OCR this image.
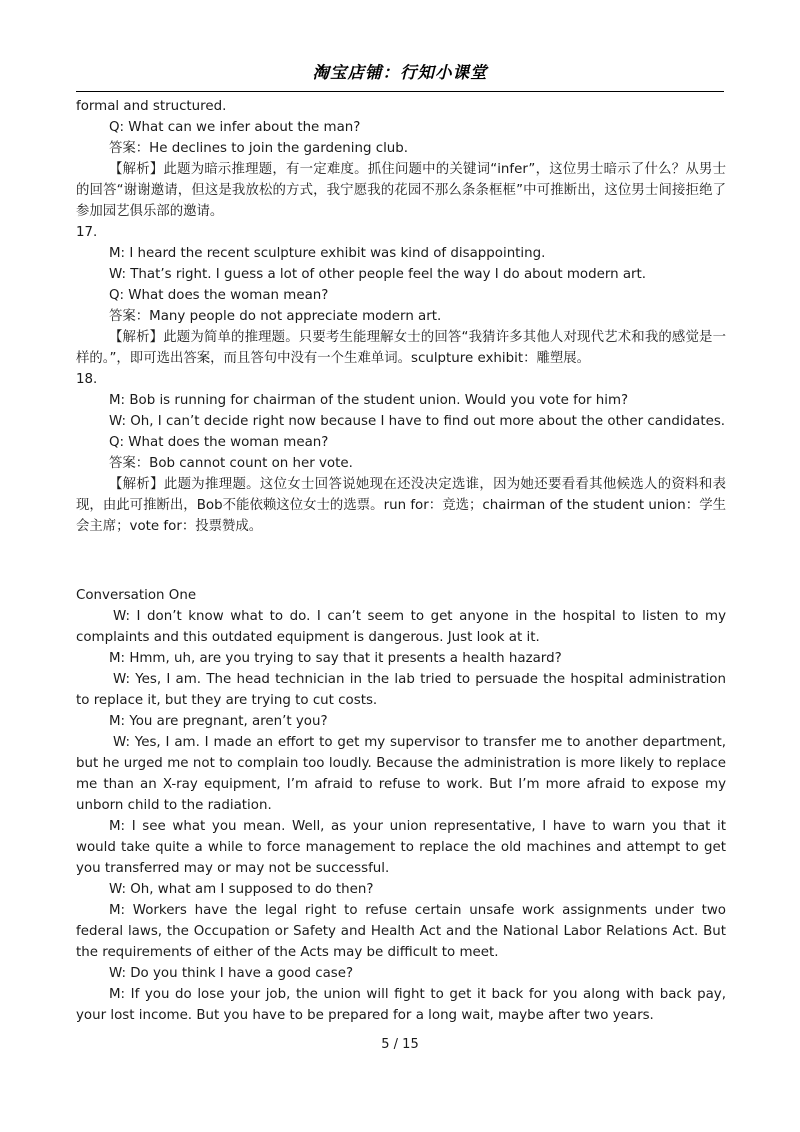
淘宝店铺：行知小课堂

formal and structured.

Q: What can we infer about the man?

答案：He declines to join the gardening club.

【解析】此题为暗示推理题，有一定难度。抓住问题中的关键词“infer”，这位男士暗示了什么？从男士的回答“谢谢邀请，但这是我放松的方式，我宁愿我的花园不那么条条框框”中可推断出，这位男士间接拒绝了参加园艺俱乐部的邀请。

17.

M: I heard the recent sculpture exhibit was kind of disappointing.

W: That’s right. I guess a lot of other people feel the way I do about modern art.

Q: What does the woman mean?

答案：Many people do not appreciate modern art.

【解析】此题为简单的推理题。只要考生能理解女士的回答“我猜许多其他人对现代艺术和我的感觉是一样的。”，即可选出答案，而且答句中没有一个生难单词。sculpture exhibit：雕塑展。

18.

M: Bob is running for chairman of the student union. Would you vote for him?

W: Oh, I can’t decide right now because I have to find out more about the other candidates.

Q: What does the woman mean?

答案：Bob cannot count on her vote.

【解析】此题为推理题。这位女士回答说她现在还没决定选谁，因为她还要看看其他候选人的资料和表现，由此可推断出，Bob不能依赖这位女士的选票。run for：竞选；chairman of the student union：学生会主席；vote for：投票赞成。

Conversation One

W: I don’t know what to do. I can’t seem to get anyone in the hospital to listen to my complaints and this outdated equipment is dangerous. Just look at it.

M: Hmm, uh, are you trying to say that it presents a health hazard?

W: Yes, I am. The head technician in the lab tried to persuade the hospital administration to replace it, but they are trying to cut costs.

M: You are pregnant, aren’t you?

W: Yes, I am. I made an effort to get my supervisor to transfer me to another department, but he urged me not to complain too loudly. Because the administration is more likely to replace me than an X-ray equipment, I’m afraid to refuse to work. But I’m more afraid to expose my unborn child to the radiation.

M: I see what you mean. Well, as your union representative, I have to warn you that it would take quite a while to force management to replace the old machines and attempt to get you transferred may or may not be successful.

W: Oh, what am I supposed to do then?

M: Workers have the legal right to refuse certain unsafe work assignments under two federal laws, the Occupation or Safety and Health Act and the National Labor Relations Act. But the requirements of either of the Acts may be difficult to meet.

W: Do you think I have a good case?

M: If you do lose your job, the union will fight to get it back for you along with back pay, your lost income. But you have to be prepared for a long wait, maybe after two years.

5 / 15
